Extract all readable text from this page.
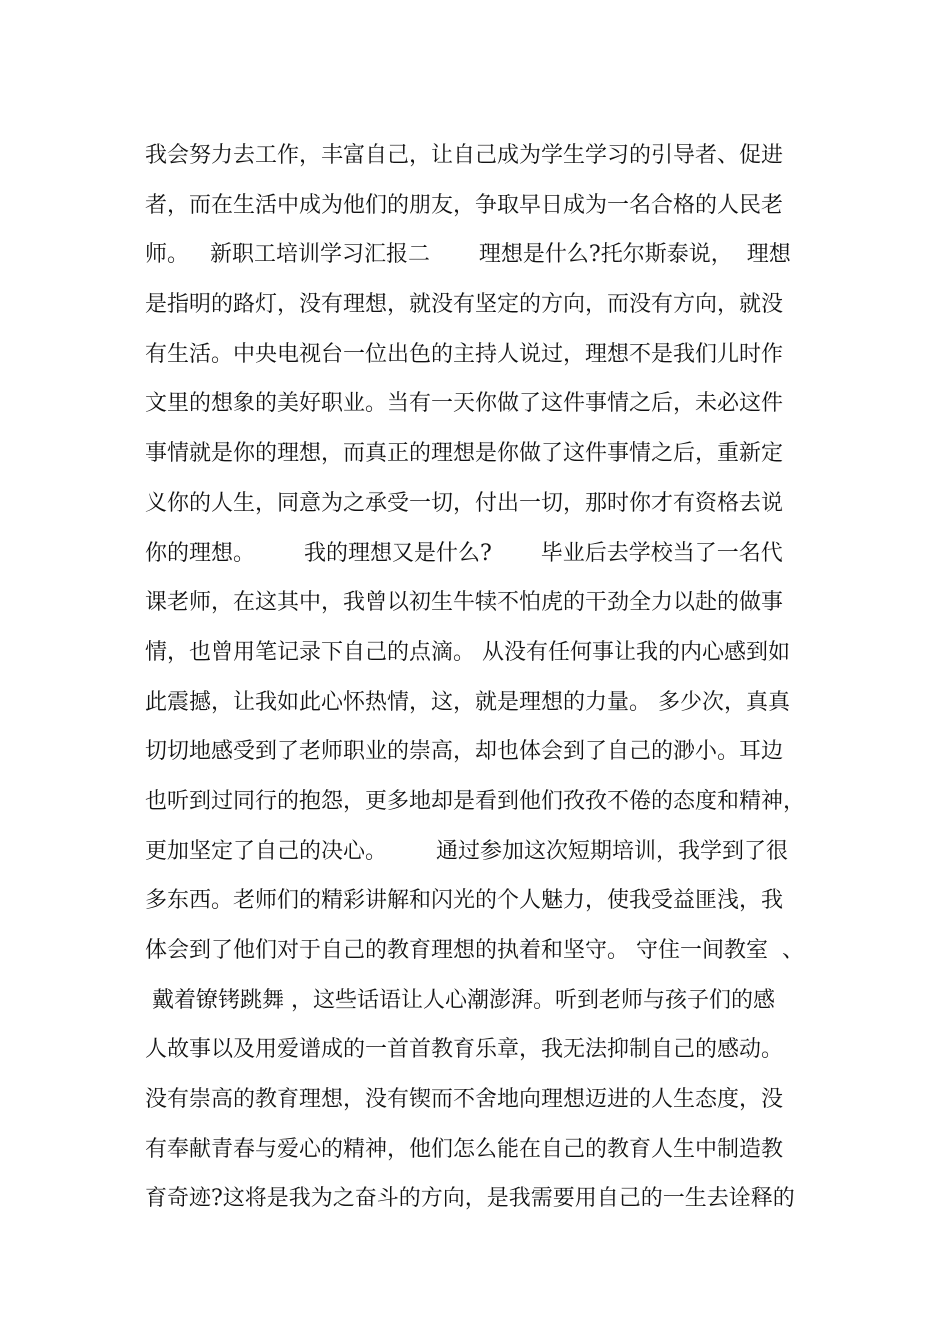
我会努力去工作，丰富自己，让自己成为学生学习的引导者、促进
者，而在生活中成为他们的朋友，争取早日成为一名合格的人民老
师。   新职工培训学习汇报二       理想是什么?托尔斯泰说，  理想
是指明的路灯，没有理想，就没有坚定的方向，而没有方向，就没
有生活。中央电视台一位出色的主持人说过，理想不是我们儿时作
文里的想象的美好职业。当有一天你做了这件事情之后，未必这件
事情就是你的理想，而真正的理想是你做了这件事情之后，重新定
义你的人生，同意为之承受一切，付出一切，那时你才有资格去说
你的理想。       我的理想又是什么?       毕业后去学校当了一名代
课老师，在这其中，我曾以初生牛犊不怕虎的干劲全力以赴的做事
情，也曾用笔记录下自己的点滴。 从没有任何事让我的内心感到如
此震撼，让我如此心怀热情，这，就是理想的力量。 多少次，真真
切切地感受到了老师职业的崇高，却也体会到了自己的渺小。耳边
也听到过同行的抱怨，更多地却是看到他们孜孜不倦的态度和精神，
更加坚定了自己的决心。       通过参加这次短期培训，我学到了很
多东西。老师们的精彩讲解和闪光的个人魅力，使我受益匪浅，我
体会到了他们对于自己的教育理想的执着和坚守。 守住一间教室  、
戴着镣铐跳舞 ，这些话语让人心潮澎湃。听到老师与孩子们的感
人故事以及用爱谱成的一首首教育乐章，我无法抑制自己的感动。
没有崇高的教育理想，没有锲而不舍地向理想迈进的人生态度，没
有奉献青春与爱心的精神，他们怎么能在自己的教育人生中制造教
育奇迹?这将是我为之奋斗的方向，是我需要用自己的一生去诠释的
